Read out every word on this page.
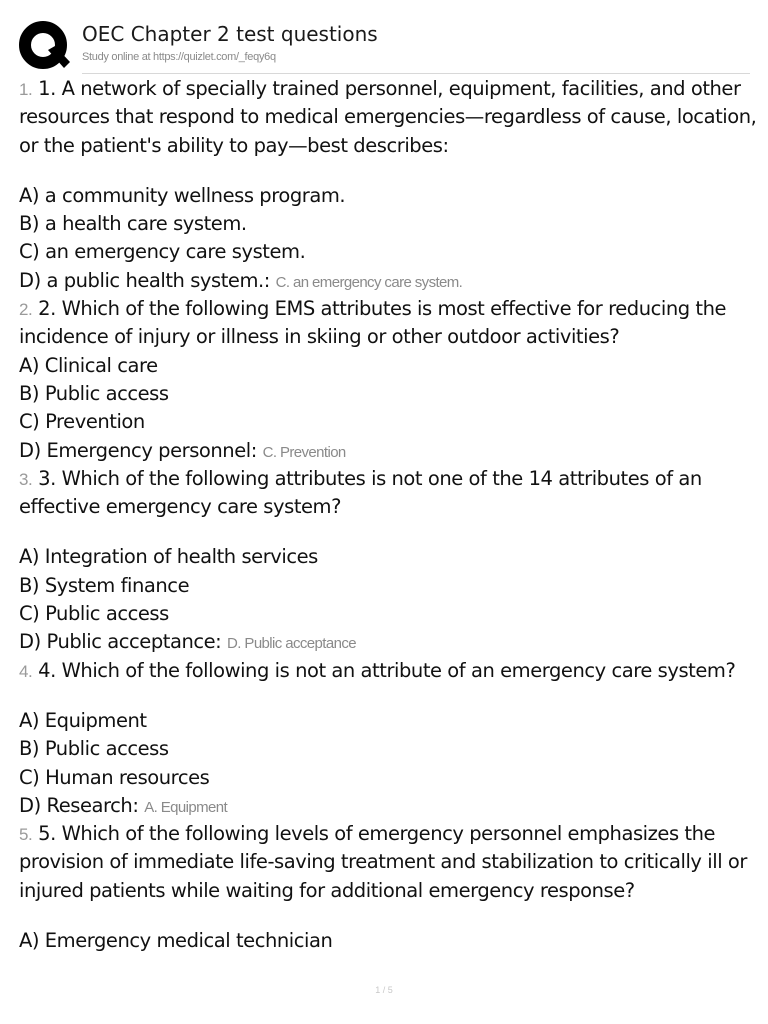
OEC Chapter 2 test questions
Study online at https://quizlet.com/_feqy6q
1. 1. A network of specially trained personnel, equipment, facilities, and other
resources that respond to medical emergencies—regardless of cause, location,
or the patient's ability to pay—best describes:
A) a community wellness program.
B) a health care system.
C) an emergency care system.
D) a public health system.: C. an emergency care system.
2. 2. Which of the following EMS attributes is most effective for reducing the
incidence of injury or illness in skiing or other outdoor activities?
A) Clinical care
B) Public access
C) Prevention
D) Emergency personnel: C. Prevention
3. 3. Which of the following attributes is not one of the 14 attributes of an
effective emergency care system?
A) Integration of health services
B) System finance
C) Public access
D) Public acceptance: D. Public acceptance
4. 4. Which of the following is not an attribute of an emergency care system?
A) Equipment
B) Public access
C) Human resources
D) Research: A. Equipment
5. 5. Which of the following levels of emergency personnel emphasizes the
provision of immediate life-saving treatment and stabilization to critically ill or
injured patients while waiting for additional emergency response?
A) Emergency medical technician
1 / 5
